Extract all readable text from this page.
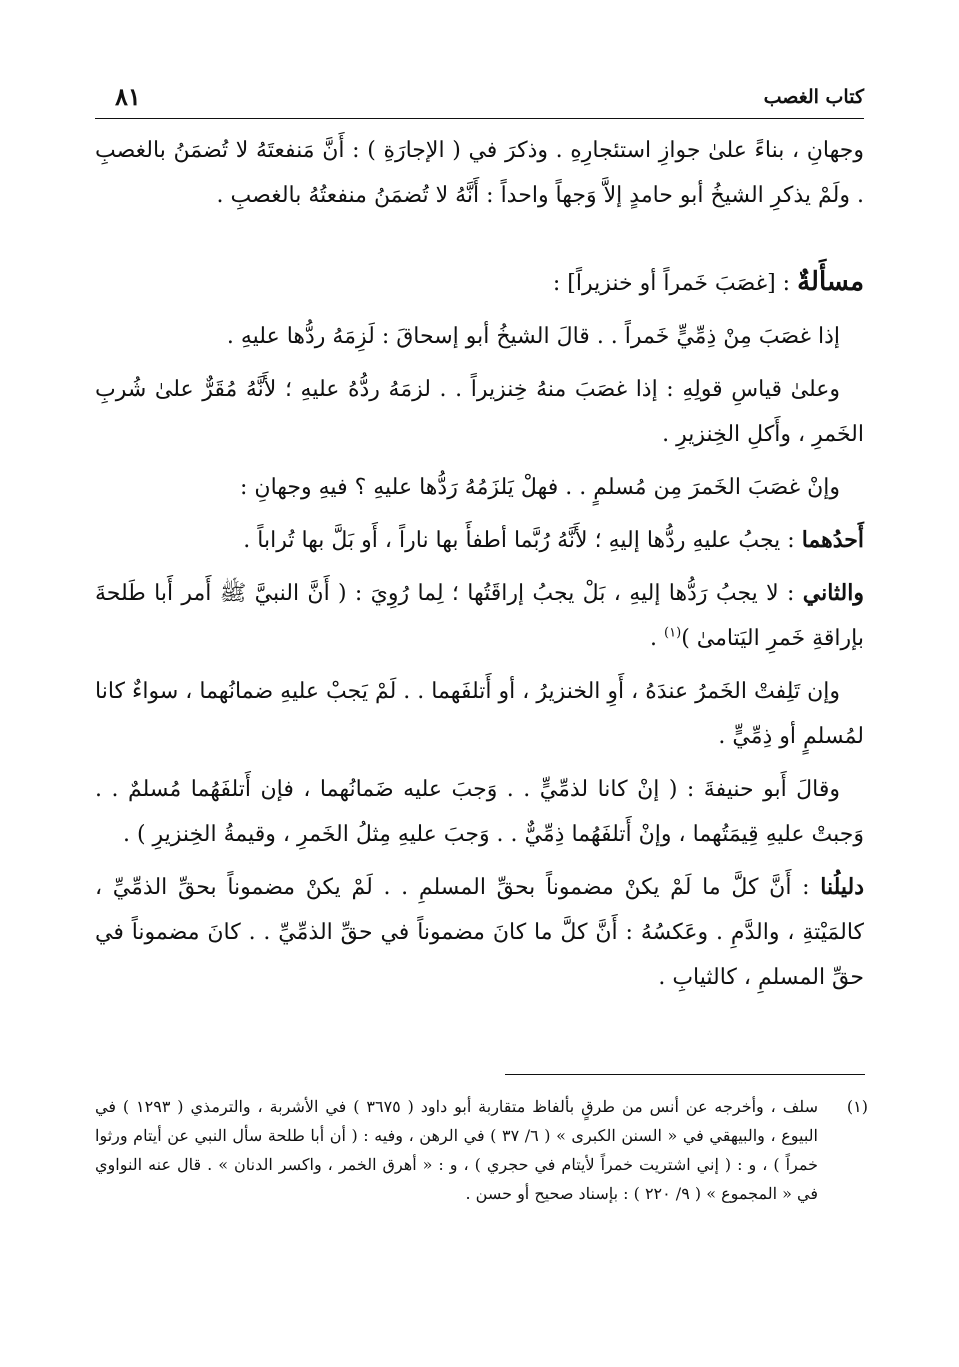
كتاب الغصب
٨١

وجهانِ ، بناءً علىٰ جوازِ استئجارِهِ . وذكرَ في ( الإجارَةِ ) : أَنَّ مَنفعتَهُ لا تُضمَنُ بالغصبِ . ولَمْ يذكرِ الشيخُ أبو حامدٍ إلاَّ وَجهاً واحداً : أَنَّهُ لا تُضمَنُ منفعتُهُ بالغصبِ .

مسأَلةٌ : [غصَبَ خَمراً أو خنزيراً] :

إذا غصَبَ مِنْ ذِمِّيٍّ خَمراً . . قالَ الشيخُ أبو إسحاقَ : لَزِمَهُ ردُّها عليهِ .

وعلىٰ قياسِ قولِهِ : إذا غصَبَ منهُ خِنزيراً . . لزمَهُ ردُّهُ عليهِ ؛ لأَنَّهُ مُقَرٌّ علىٰ شُربِ الخَمرِ ، وأَكلِ الخِنزيرِ .

وإنْ غصَبَ الخَمرَ مِن مُسلمٍ . . فهلْ يَلزَمُهُ رَدُّها عليهِ ؟ فيهِ وجهانِ :

أَحدُهما : يجبُ عليهِ ردُّها إليهِ ؛ لأَنَّهُ رُبَّما أطفأَ بها ناراً ، أَو بَلَّ بها تُراباً .

والثاني : لا يجبُ رَدُّها إليهِ ، بَلْ يجبُ إراقَتُها ؛ لِما رُوِيَ : ( أَنَّ النبيَّ ﷺ أَمر أَبا طَلحةَ بإراقةِ خَمرِ اليَتامىٰ )$^{(١)}$ .

وإن تَلِفتْ الخَمرُ عندَهُ ، أَوِ الخنزيرُ ، أو أَتلفَهما . . لَمْ يَجبْ عليهِ ضمانُهما ، سواءٌ كانا لمُسلمٍ أو ذِمِّيٍّ .

وقالَ أَبو حنيفةَ : ( إنْ كانا لذمِّيٍّ . . وَجبَ عليه ضَمانُهما ، فإن أَتلفَهُما مُسلمٌ . . وَجبتْ عليهِ قِيمَتُهما ، وإنْ أَتلفَهُما ذِمِّيٌّ . . وَجبَ عليهِ مِثلُ الخَمرِ ، وقيمةُ الخِنزيرِ ) .

دليلُنا : أَنَّ كلَّ ما لَمْ يكنْ مضموناً بحقِّ المسلمِ . . لَمْ يكنْ مضموناً بحقِّ الذمِّيِّ ، كالمَيْتةِ ، والدَّمِ . وعَكسُهُ : أَنَّ كلَّ ما كانَ مضموناً في حقِّ الذمِّيِّ . . كانَ مضموناً في حقِّ المسلمِ ، كالثيابِ .

(١)
سلف ، وأخرجه عن أنس من طرقٍ بألفاظ متقاربة أبو داود ( ٣٦٧٥ ) في الأشربة ، والترمذي ( ١٢٩٣ ) في البيوع ، والبيهقي في « السنن الكبرى » ( ٦/ ٣٧ ) في الرهن ، وفيه : ( أن أبا طلحة سأل النبي عن أيتام ورثوا خمراً ) ، و : ( إني اشتريت خمراً لأيتام في حجري ) ، و : « أهرق الخمر ، واكسر الدنان » . قال عنه النواوي في « المجموع » ( ٩/ ٢٢٠ ) : بإسناد صحيح أو حسن .
